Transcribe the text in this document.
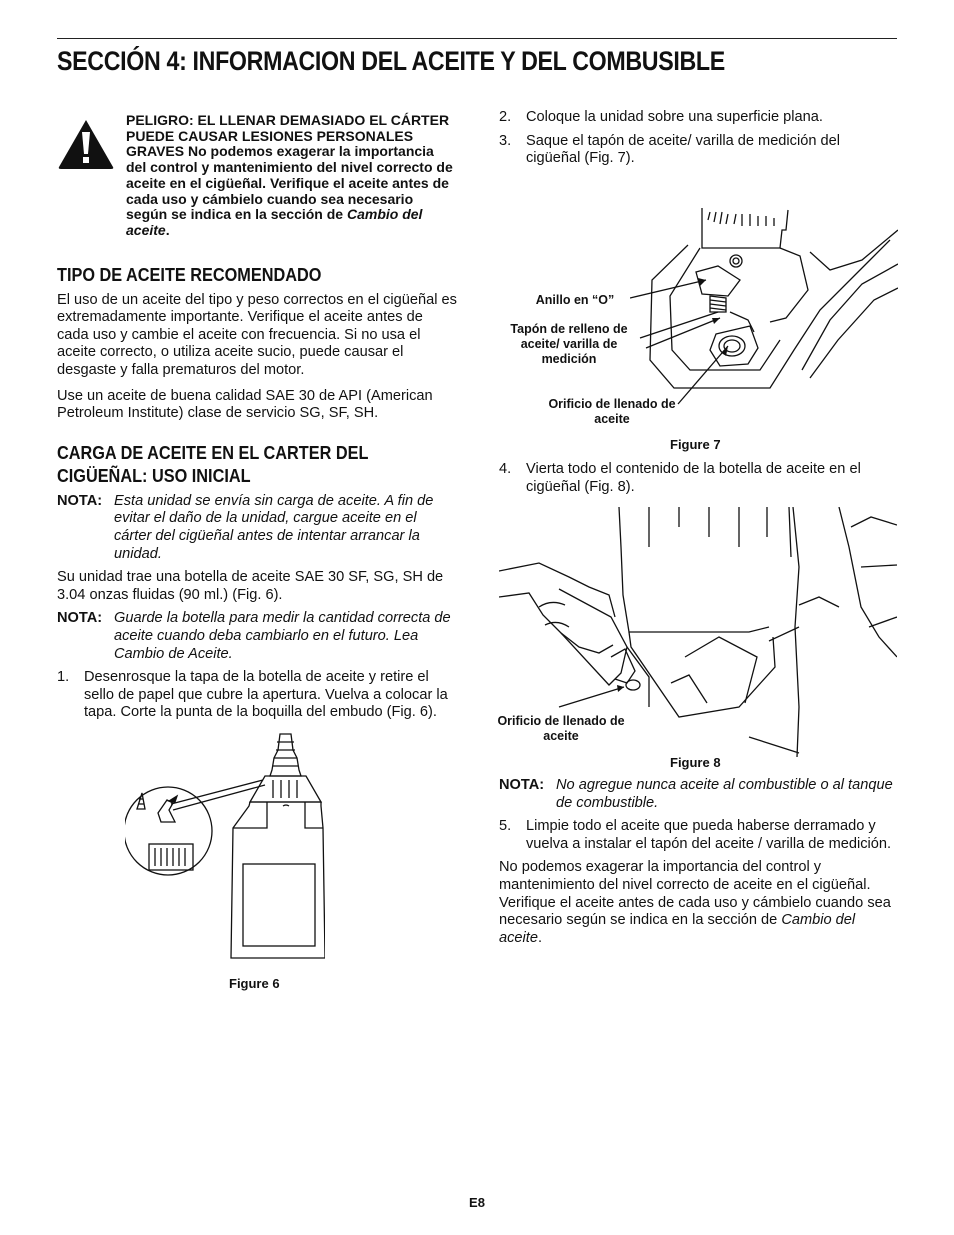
SECCIÓN 4: INFORMACION DEL ACEITE Y DEL COMBUSIBLE

PELIGRO: EL LLENAR DEMASIADO EL CÁRTER PUEDE CAUSAR LESIONES PERSONALES GRAVES No podemos exagerar la importancia del control y mantenimiento del nivel correcto de aceite en el cigüeñal. Verifique el aceite antes de cada uso y cámbielo cuando sea necesario según se indica en la sección de Cambio del aceite.

TIPO DE ACEITE RECOMENDADO

El uso de un aceite del tipo y peso correctos en el cigüeñal es extremadamente importante. Verifique el aceite antes de cada uso y cambie el aceite con frecuencia. Si no usa el aceite correcto, o utiliza aceite sucio, puede causar el desgaste y falla prematuros del motor.

Use un aceite de buena calidad SAE 30 de API (American Petroleum Institute) clase de servicio SG, SF, SH.

CARGA DE ACEITE EN EL CARTER DEL CIGÜEÑAL: USO INICIAL
NOTA: Esta unidad se envía sin carga de aceite. A fin de evitar el daño de la unidad, cargue aceite en el cárter del cigüeñal antes de intentar arrancar la unidad.

Su unidad trae una botella de aceite SAE 30 SF, SG, SH de 3.04 onzas fluidas (90 ml.) (Fig. 6).

NOTA: Guarde la botella para medir la cantidad correcta de aceite cuando deba cambiarlo en el futuro. Lea Cambio de Aceite.
1.	Desenrosque la tapa de la botella de aceite y retire el sello de papel que cubre la apertura. Vuelva a colocar la tapa. Corte la punta de la boquilla del embudo (Fig. 6).
Figure 6
2.	Coloque la unidad sobre una superficie plana.
3.	Saque el tapón de aceite/ varilla de medición del cigüeñal (Fig. 7).
Anillo en “O”
Tapón de relleno de aceite/ varilla de medición
Orificio de llenado de aceite
Figure 7
4.	Vierta todo el contenido de la botella de aceite en el cigüeñal (Fig. 8).
Orificio de llenado de aceite
Figure 8
NOTA: No agregue nunca aceite al combustible o al tanque de combustible.
5.	Limpie todo el aceite que pueda haberse derramado y vuelva a instalar el tapón del aceite / varilla de medición.

No podemos exagerar la importancia del control y mantenimiento del nivel correcto de aceite en el cigüeñal. Verifique el aceite antes de cada uso y cámbielo cuando sea necesario según se indica en la sección de Cambio del aceite.

E8
